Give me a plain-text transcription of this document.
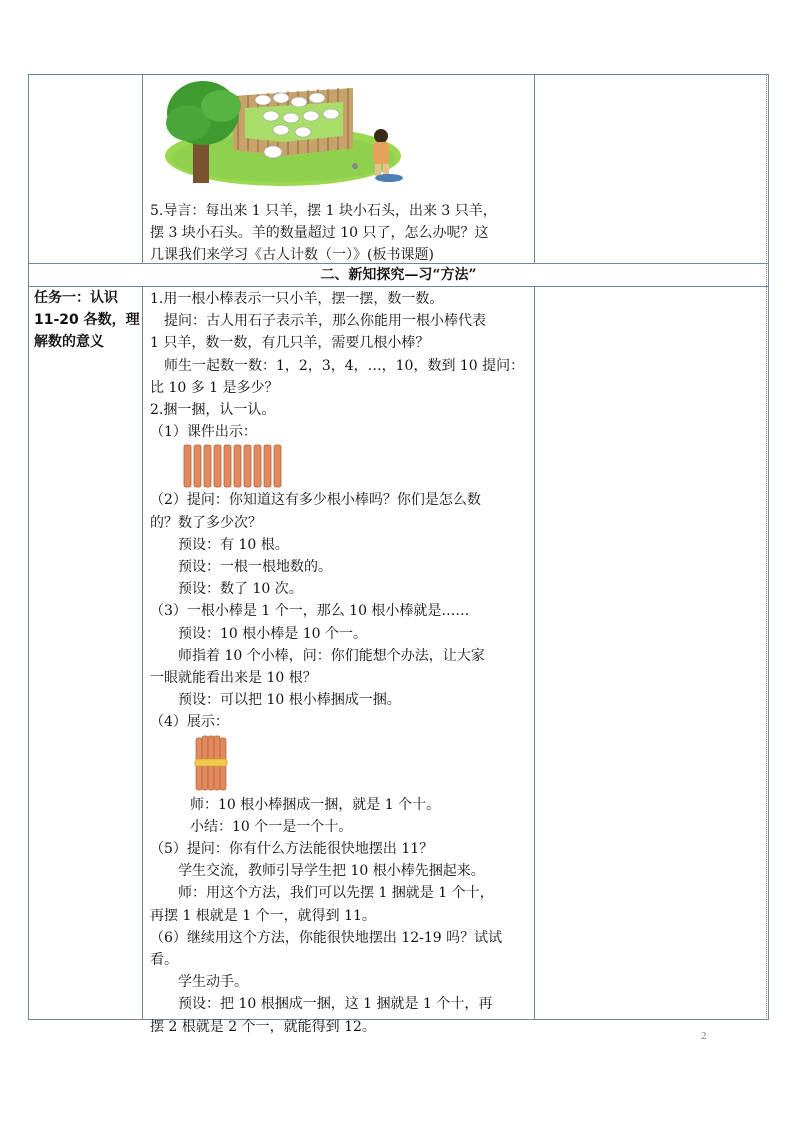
5.导言：每出来 1 只羊，摆 1 块小石头，出来 3 只羊，

摆 3 块小石头。羊的数量超过 10 只了，怎么办呢？这

几课我们来学习《古人计数（一）》(板书课题)

二、新知探究—习“方法”
任务一：认识
11-20 各数，理
解数的意义

1.用一根小棒表示一只小羊，摆一摆，数一数。

提问：古人用石子表示羊，那么你能用一根小棒代表

1 只羊，数一数，有几只羊，需要几根小棒？

师生一起数一数：1，2，3，4，…，10，数到 10 提问：

比 10 多 1 是多少？

2.捆一捆，认一认。

（1）课件出示：

（2）提问：你知道这有多少根小棒吗？你们是怎么数

的？数了多少次？

预设：有 10 根。

预设：一根一根地数的。

预设：数了 10 次。

（3）一根小棒是 1 个一，那么 10 根小棒就是……

预设：10 根小棒是 10 个一。

师指着 10 个小棒，问：你们能想个办法，让大家

一眼就能看出来是 10 根？

预设：可以把 10 根小棒捆成一捆。

（4）展示：

师：10 根小棒捆成一捆，就是 1 个十。

小结：10 个一是一个十。

（5）提问：你有什么方法能很快地摆出 11？

学生交流，教师引导学生把 10 根小棒先捆起来。

师：用这个方法，我们可以先摆 1 捆就是 1 个十，

再摆 1 根就是 1 个一，就得到 11。

（6）继续用这个方法，你能很快地摆出 12-19 吗？试试

看。

学生动手。

预设：把 10 根捆成一捆，这 1 捆就是 1 个十，再

摆 2 根就是 2 个一，就能得到 12。

2
